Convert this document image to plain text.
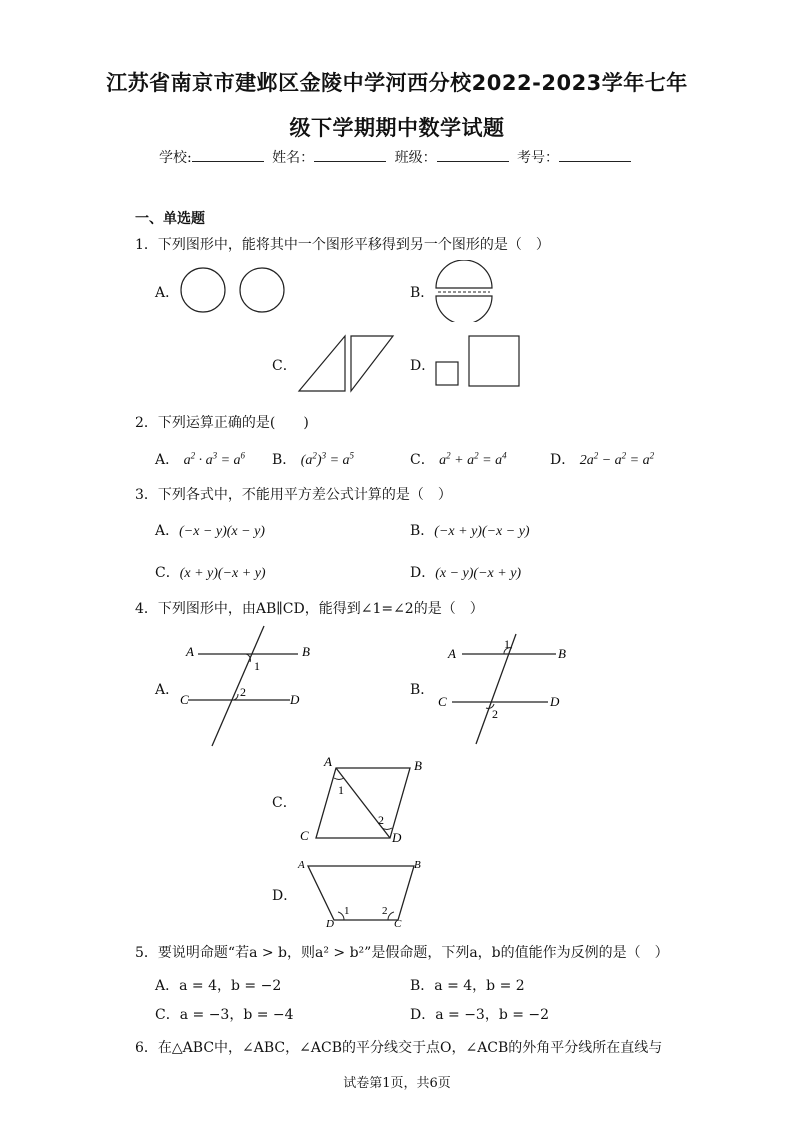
江苏省南京市建邺区金陵中学河西分校2022-2023学年七年
级下学期期中数学试题
学校:	姓名：	班级：	考号：
一、单选题
1．下列图形中，能将其中一个图形平移得到另一个图形的是（　）
A．	B．
C．	D．
2．下列运算正确的是(　　)
A． $a^2 \cdot a^3 = a^6$ B． $(a^2)^3 = a^5$	C． $a^2 + a^2 = a^4$	D． $2a^2 - a^2 = a^2$
3．下列各式中，不能用平方差公式计算的是（　）
A．(−x − y)(x − y)	B．(−x + y)(−x − y)
C．(x + y)(−x + y)	D．(x − y)(−x + y)
4．下列图形中，由AB∥CD，能得到∠1=∠2的是（　）
A．
A	B
C	D
1
2	B．
A	B
C	D
1
2
C．
A	B
C	D
1
2
D．
A	B
C
D
1	2
5．要说明命题“若a > b，则a² > b²”是假命题，下列a，b的值能作为反例的是（　）
A．a = 4，b = −2	B．a = 4，b = 2
C．a = −3，b = −4	D．a = −3，b = −2
6．在△ABC中，∠ABC，∠ACB的平分线交于点O，∠ACB的外角平分线所在直线与
试卷第1页，共6页
